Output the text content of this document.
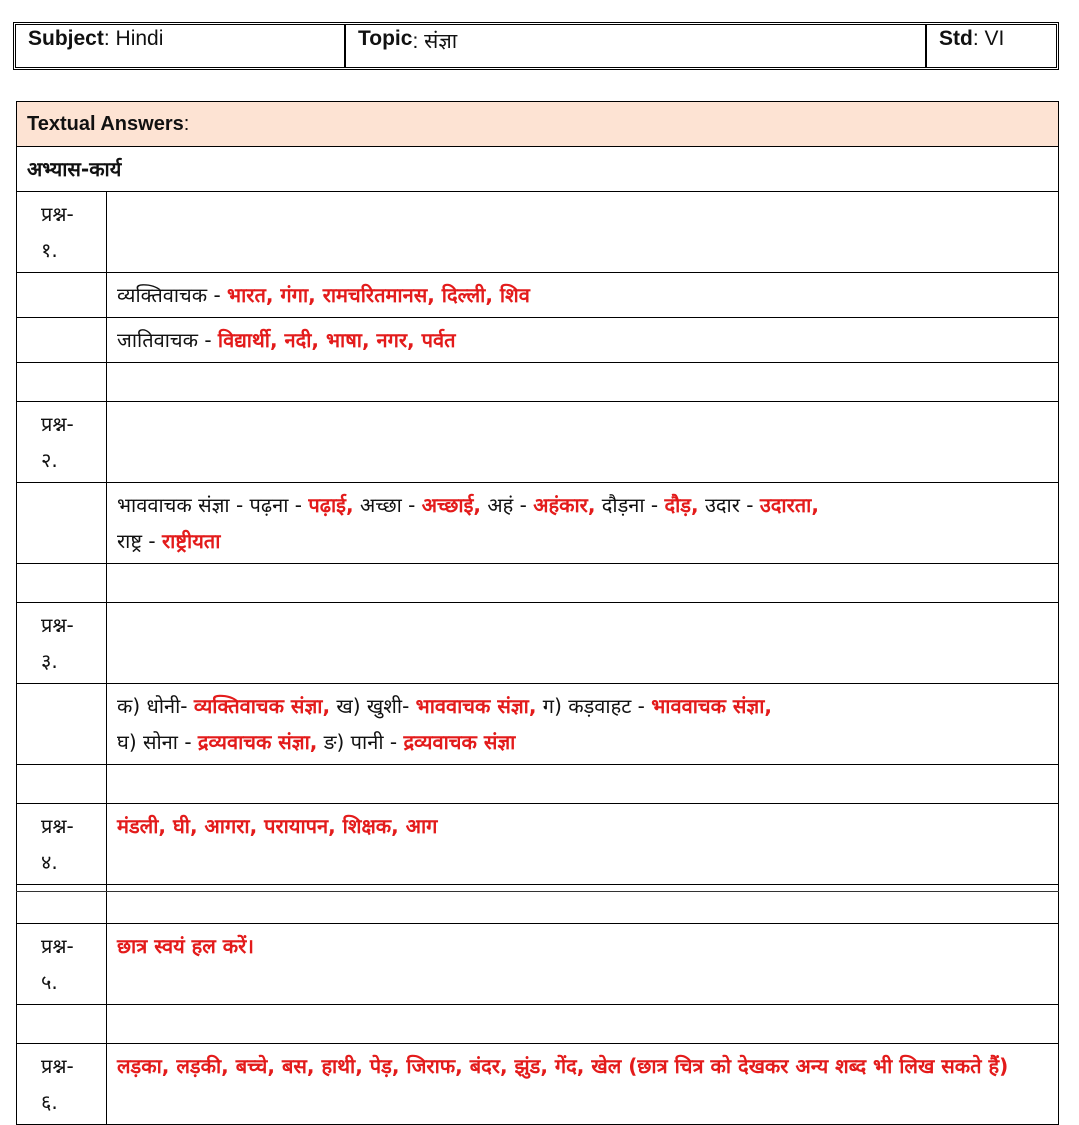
Subject : Hindi	Topic : संज्ञा	Std : VI
Textual Answers:	
अभ्यास-कार्य	
प्रश्न- १.	
	व्यक्तिवाचक - भारत, गंगा, रामचरितमानस, दिल्ली, शिव
	जातिवाचक - विद्यार्थी, नदी, भाषा, नगर, पर्वत

प्रश्न- २.	
	भाववाचक संज्ञा - पढ़ना - पढ़ाई, अच्छा - अच्छाई, अहं - अहंकार, दौड़ना - दौड़, उदार - उदारता,
राष्ट्र - राष्ट्रीयता

प्रश्न- ३.	
	क) धोनी- व्यक्तिवाचक संज्ञा, ख) खुशी- भाववाचक संज्ञा, ग) कड़वाहट - भाववाचक संज्ञा,
घ) सोना - द्रव्यवाचक संज्ञा, ङ) पानी - द्रव्यवाचक संज्ञा

प्रश्न- ४.	मंडली, घी, आगरा, परायापन, शिक्षक, आग

प्रश्न- ५.	छात्र स्वयं हल करें।

प्रश्न- ६.	लड़का, लड़की, बच्चे, बस, हाथी, पेड़, जिराफ, बंदर, झुंड, गेंद, खेल (छात्र चित्र को देखकर अन्य शब्द भी लिख सकते हैं)
